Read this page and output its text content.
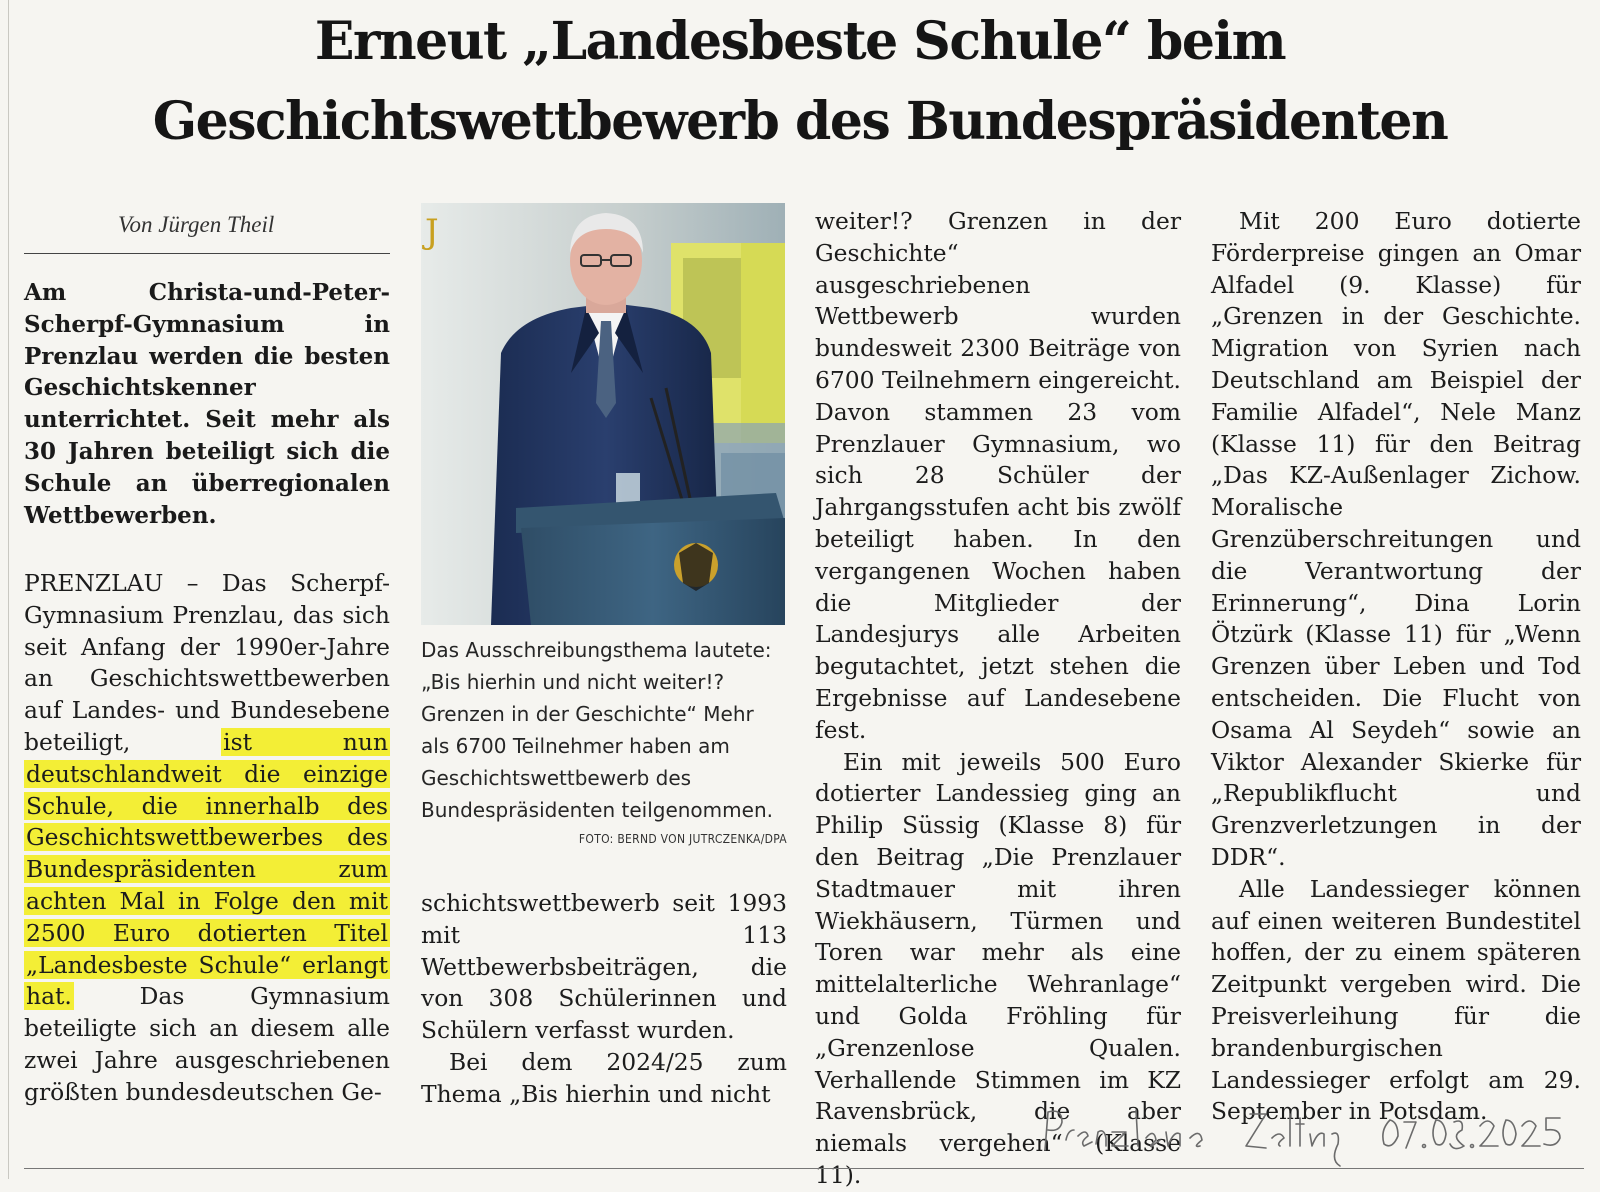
Erneut „Landesbeste Schule“ beim
Geschichtswettbewerb des Bundespräsidenten
Von Jürgen Theil
Am Christa-und-Peter-Scherpf-Gymnasium in Prenzlau werden die besten Geschichtskenner unterrichtet. Seit mehr als 30 Jahren beteiligt sich die Schule an überregionalen Wettbewerben.

PRENZLAU – Das Scherpf-Gymnasium Prenzlau, das sich seit Anfang der 1990er-Jahre an Geschichtswettbewerben auf Landes- und Bundesebene beteiligt, ist nun deutschlandweit die einzige Schule, die innerhalb des Geschichtswettbewerbes des Bundespräsidenten zum achten Mal in Folge den mit 2500 Euro dotierten Titel „Landesbeste Schule“ erlangt hat. Das Gymnasium beteiligte sich an diesem alle zwei Jahre ausgeschriebenen größten bundesdeutschen Ge-

J
Das Ausschreibungsthema lautete: „Bis hierhin und nicht weiter!? Grenzen in der Geschichte“ Mehr als 6700 Teilnehmer haben am Geschichtswettbewerb des Bundespräsidenten teilgenommen.
FOTO: BERND VON JUTRCZENKA/DPA

schichtswettbewerb seit 1993 mit 113 Wettbewerbsbeiträgen, die von 308 Schülerinnen und Schülern verfasst wurden.

Bei dem 2024/25 zum Thema „Bis hierhin und nicht

weiter!? Grenzen in der Geschichte“ ausgeschriebenen Wettbewerb wurden bundesweit 2300 Beiträge von 6700 Teilnehmern eingereicht. Davon stammen 23 vom Prenzlauer Gymnasium, wo sich 28 Schüler der Jahrgangsstufen acht bis zwölf beteiligt haben. In den vergangenen Wochen haben die Mitglieder der Landesjurys alle Arbeiten begutachtet, jetzt stehen die Ergebnisse auf Landesebene fest.

Ein mit jeweils 500 Euro dotierter Landessieg ging an Philip Süssig (Klasse 8) für den Beitrag „Die Prenzlauer Stadtmauer mit ihren Wiekhäusern, Türmen und Toren war mehr als eine mittelalterliche Wehranlage“ und Golda Fröhling für „Grenzenlose Qualen. Verhallende Stimmen im KZ Ravensbrück, die aber niemals vergehen“ (Klasse 11).

Mit 200 Euro dotierte Förderpreise gingen an Omar Alfadel (9. Klasse) für „Grenzen in der Geschichte. Migration von Syrien nach Deutschland am Beispiel der Familie Alfadel“, Nele Manz (Klasse 11) für den Beitrag „Das KZ-Außenlager Zichow. Moralische Grenzüberschreitungen und die Verantwortung der Erinnerung“, Dina Lorin Ötzürk (Klasse 11) für „Wenn Grenzen über Leben und Tod entscheiden. Die Flucht von Osama Al Seydeh“ sowie an Viktor Alexander Skierke für „Republikflucht und Grenzverletzungen in der DDR“.

Alle Landessieger können auf einen weiteren Bundestitel hoffen, der zu einem späteren Zeitpunkt vergeben wird. Die Preisverleihung für die brandenburgischen Landessieger erfolgt am 29. September in Potsdam.
